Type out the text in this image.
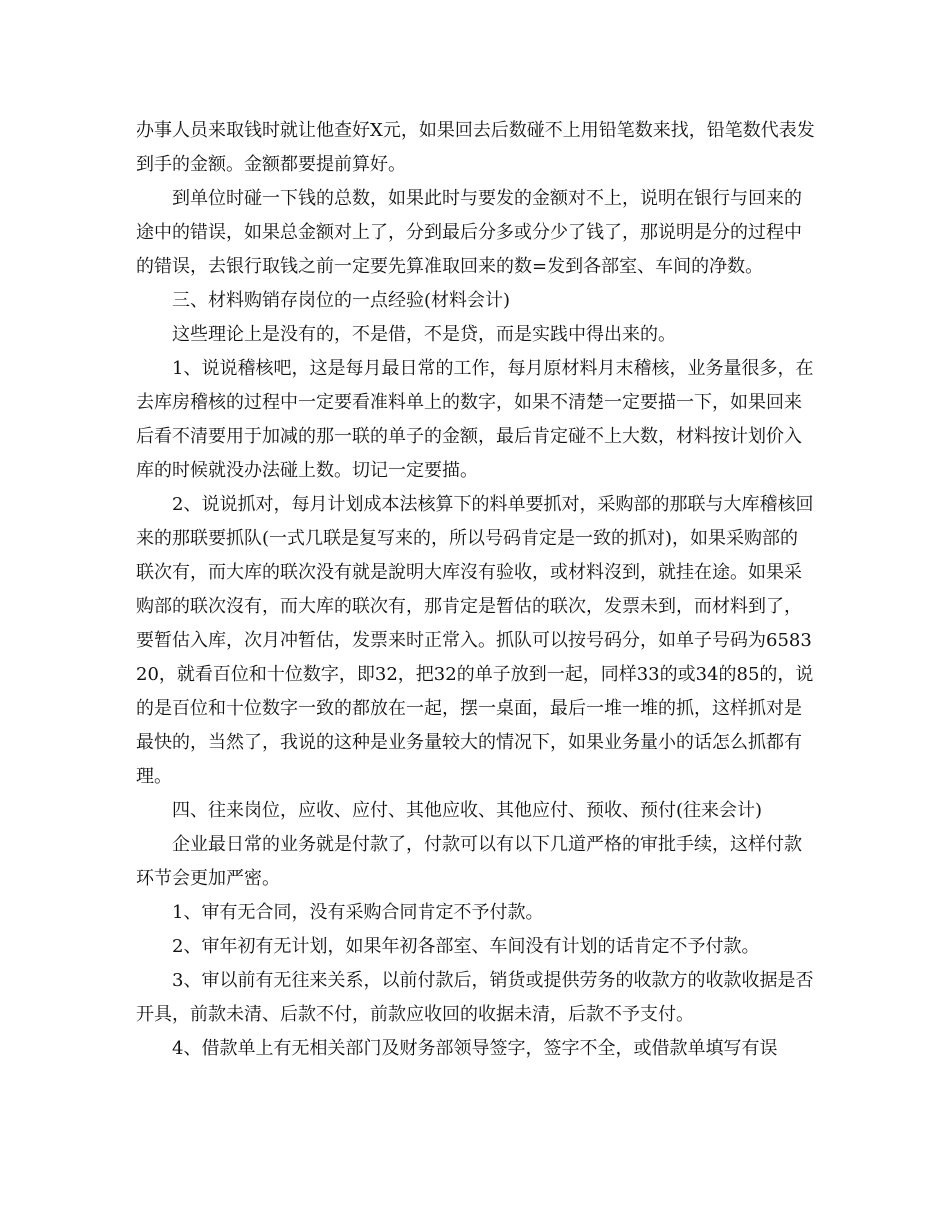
办事人员来取钱时就让他查好X元，如果回去后数碰不上用铅笔数来找，铅笔数代表发到手的金额。金额都要提前算好。

到单位时碰一下钱的总数，如果此时与要发的金额对不上，说明在银行与回来的途中的错误，如果总金额对上了，分到最后分多或分少了钱了，那说明是分的过程中的错误，去银行取钱之前一定要先算准取回来的数=发到各部室、车间的净数。

三、材料购销存岗位的一点经验(材料会计)

这些理论上是没有的，不是借，不是贷，而是实践中得出来的。

1、说说稽核吧，这是每月最日常的工作，每月原材料月末稽核，业务量很多，在去库房稽核的过程中一定要看准料单上的数字，如果不清楚一定要描一下，如果回来后看不清要用于加减的那一联的单子的金额，最后肯定碰不上大数，材料按计划价入库的时候就没办法碰上数。切记一定要描。

2、说说抓对，每月计划成本法核算下的料单要抓对，采购部的那联与大库稽核回来的那联要抓队(一式几联是复写来的，所以号码肯定是一致的抓对)，如果采购部的联次有，而大库的联次没有就是說明大库沒有验收，或材料沒到，就挂在途。如果采购部的联次沒有，而大库的联次有，那肯定是暂估的联次，发票未到，而材料到了，要暂估入库，次月冲暂估，发票来时正常入。抓队可以按号码分，如单子号码为658320，就看百位和十位数字，即32，把32的单子放到一起，同样33的或34的85的，说的是百位和十位数字一致的都放在一起，摆一桌面，最后一堆一堆的抓，这样抓对是最快的，当然了，我说的这种是业务量较大的情况下，如果业务量小的话怎么抓都有理。

四、往来岗位，应收、应付、其他应收、其他应付、预收、预付(往来会计)

企业最日常的业务就是付款了，付款可以有以下几道严格的审批手续，这样付款环节会更加严密。

1、审有无合同，没有采购合同肯定不予付款。

2、审年初有无计划，如果年初各部室、车间没有计划的话肯定不予付款。

3、审以前有无往来关系，以前付款后，销货或提供劳务的收款方的收款收据是否开具，前款未清、后款不付，前款应收回的收据未清，后款不予支付。

4、借款单上有无相关部门及财务部领导签字，签字不全，或借款单填写有误
